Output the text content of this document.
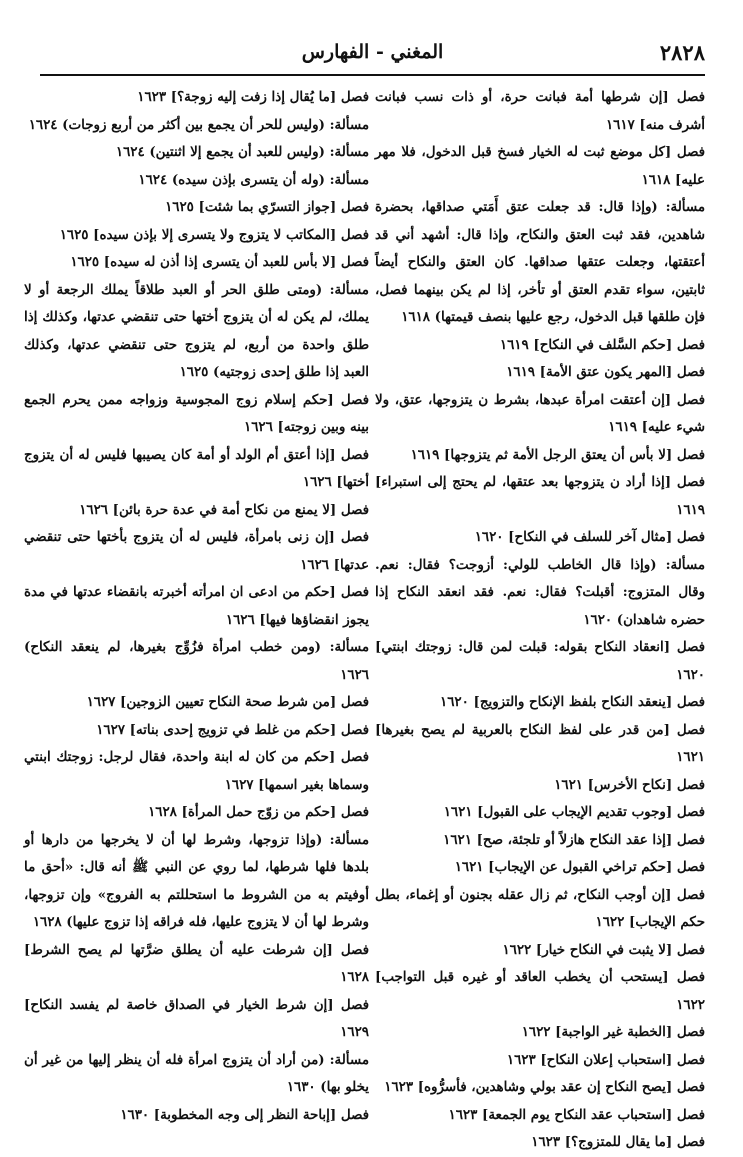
٢٨٢٨
المغني - الفهارس

فصل [إن شرطها أمة فبانت حرة، أو ذات نسب فبانت أشرف منه] ١٦١٧

فصل [كل موضع ثبت له الخيار فسخ قبل الدخول، فلا مهر عليه] ١٦١٨

مسألة: (وإذا قال: قد جعلت عتق أَمَتي صداقها، بحضرة شاهدين، فقد ثبت العتق والنكاح، وإذا قال: أشهد أني قد أعتقتها، وجعلت عتقها صداقها. كان العتق والنكاح أيضاً ثابتين، سواء تقدم العتق أو تأخر، إذا لم يكن بينهما فصل، فإن طلقها قبل الدخول، رجع عليها بنصف قيمتها) ١٦١٨

فصل [حكم السَّلف في النكاح] ١٦١٩

فصل [المهر يكون عتق الأمة] ١٦١٩

فصل [إن أعتقت امرأة عبدها، بشرط ن يتزوجها، عتق، ولا شيء عليه] ١٦١٩

فصل [لا بأس أن يعتق الرجل الأمة ثم يتزوجها] ١٦١٩

فصل [إذا أراد ن يتزوجها بعد عتقها، لم يحتج إلى استبراء] ١٦١٩

فصل [مثال آخر للسلف في النكاح] ١٦٢٠

مسألة: (وإذا قال الخاطب للولي: أزوجت؟ فقال: نعم. وقال المتزوج: أقبلت؟ فقال: نعم. فقد انعقد النكاح إذا حضره شاهدان) ١٦٢٠

فصل [انعقاد النكاح بقوله: قبلت لمن قال: زوجتك ابنتي] ١٦٢٠

فصل [ينعقد النكاح بلفظ الإنكاح والتزويج] ١٦٢٠

فصل [من قدر على لفظ النكاح بالعربية لم يصح بغيرها] ١٦٢١

فصل [نكاح الأخرس] ١٦٢١

فصل [وجوب تقديم الإيجاب على القبول] ١٦٢١

فصل [إذا عقد النكاح هازلاً أو تلجئة، صح] ١٦٢١

فصل [حكم تراخي القبول عن الإيجاب] ١٦٢١

فصل [إن أوجب النكاح، ثم زال عقله بجنون أو إغماء، بطل حكم الإيجاب] ١٦٢٢

فصل [لا يثبت في النكاح خيار] ١٦٢٢

فصل [يستحب أن يخطب العاقد أو غيره قبل التواجب] ١٦٢٢

فصل [الخطبة غير الواجبة] ١٦٢٢

فصل [استحباب إعلان النكاح] ١٦٢٣

فصل [يصح النكاح إن عقد بولي وشاهدين، فأسرُّوه] ١٦٢٣

فصل [استحباب عقد النكاح يوم الجمعة] ١٦٢٣

فصل [ما يقال للمتزوج؟] ١٦٢٣

فصل [ما يُقال إذا زفت إليه زوجة؟] ١٦٢٣

مسألة: (وليس للحر أن يجمع بين أكثر من أربع زوجات) ١٦٢٤

مسألة: (وليس للعبد أن يجمع إلا اثنتين) ١٦٢٤

مسألة: (وله أن يتسرى بإذن سيده) ١٦٢٤

فصل [جواز التسرّي بما شئت] ١٦٢٥

فصل [المكاتب لا يتزوج ولا يتسرى إلا بإذن سيده] ١٦٢٥

فصل [لا بأس للعبد أن يتسرى إذا أذن له سيده] ١٦٢٥

مسألة: (ومتى طلق الحر أو العبد طلاقاً يملك الرجعة أو لا يملك، لم يكن له أن يتزوج أختها حتى تنقضي عدتها، وكذلك إذا طلق واحدة من أربع، لم يتزوج حتى تنقضي عدتها، وكذلك العبد إذا طلق إحدى زوجتيه) ١٦٢٥

فصل [حكم إسلام زوج المجوسية وزواجه ممن يحرم الجمع بينه وبين زوجته] ١٦٢٦

فصل [إذا أعتق أم الولد أو أمة كان يصيبها فليس له أن يتزوج أختها] ١٦٢٦

فصل [لا يمنع من نكاح أمة في عدة حرة بائن] ١٦٢٦

فصل [إن زنى بامرأة، فليس له أن يتزوج بأختها حتى تنقضي عدتها] ١٦٢٦

فصل [حكم من ادعى ان امرأته أخبرته بانقضاء عدتها في مدة يجوز انقضاؤها فيها] ١٦٢٦

مسألة: (ومن خطب امرأة فزُوِّج بغيرها، لم ينعقد النكاح) ١٦٢٦

فصل [من شرط صحة النكاح تعيين الزوجين] ١٦٢٧

فصل [حكم من غلط في تزويج إحدى بناته] ١٦٢٧

فصل [حكم من كان له ابنة واحدة، فقال لرجل: زوجتك ابنتي وسماها بغير اسمها] ١٦٢٧

فصل [حكم من زوّج حمل المرأة] ١٦٢٨

مسألة: (وإذا تزوجها، وشرط لها أن لا يخرجها من دارها أو بلدها فلها شرطها، لما روي عن النبي ﷺ أنه قال: «أحق ما أوفيتم به من الشروط ما استحللتم به الفروج» وإن تزوجها، وشرط لها أن لا يتزوج عليها، فله فراقه إذا تزوج عليها) ١٦٢٨

فصل [إن شرطت عليه أن يطلق ضرَّتها لم يصح الشرط] ١٦٢٨

فصل [إن شرط الخيار في الصداق خاصة لم يفسد النكاح] ١٦٢٩

مسألة: (من أراد أن يتزوج امرأة فله أن ينظر إليها من غير أن يخلو بها) ١٦٣٠

فصل [إباحة النظر إلى وجه المخطوبة] ١٦٣٠
